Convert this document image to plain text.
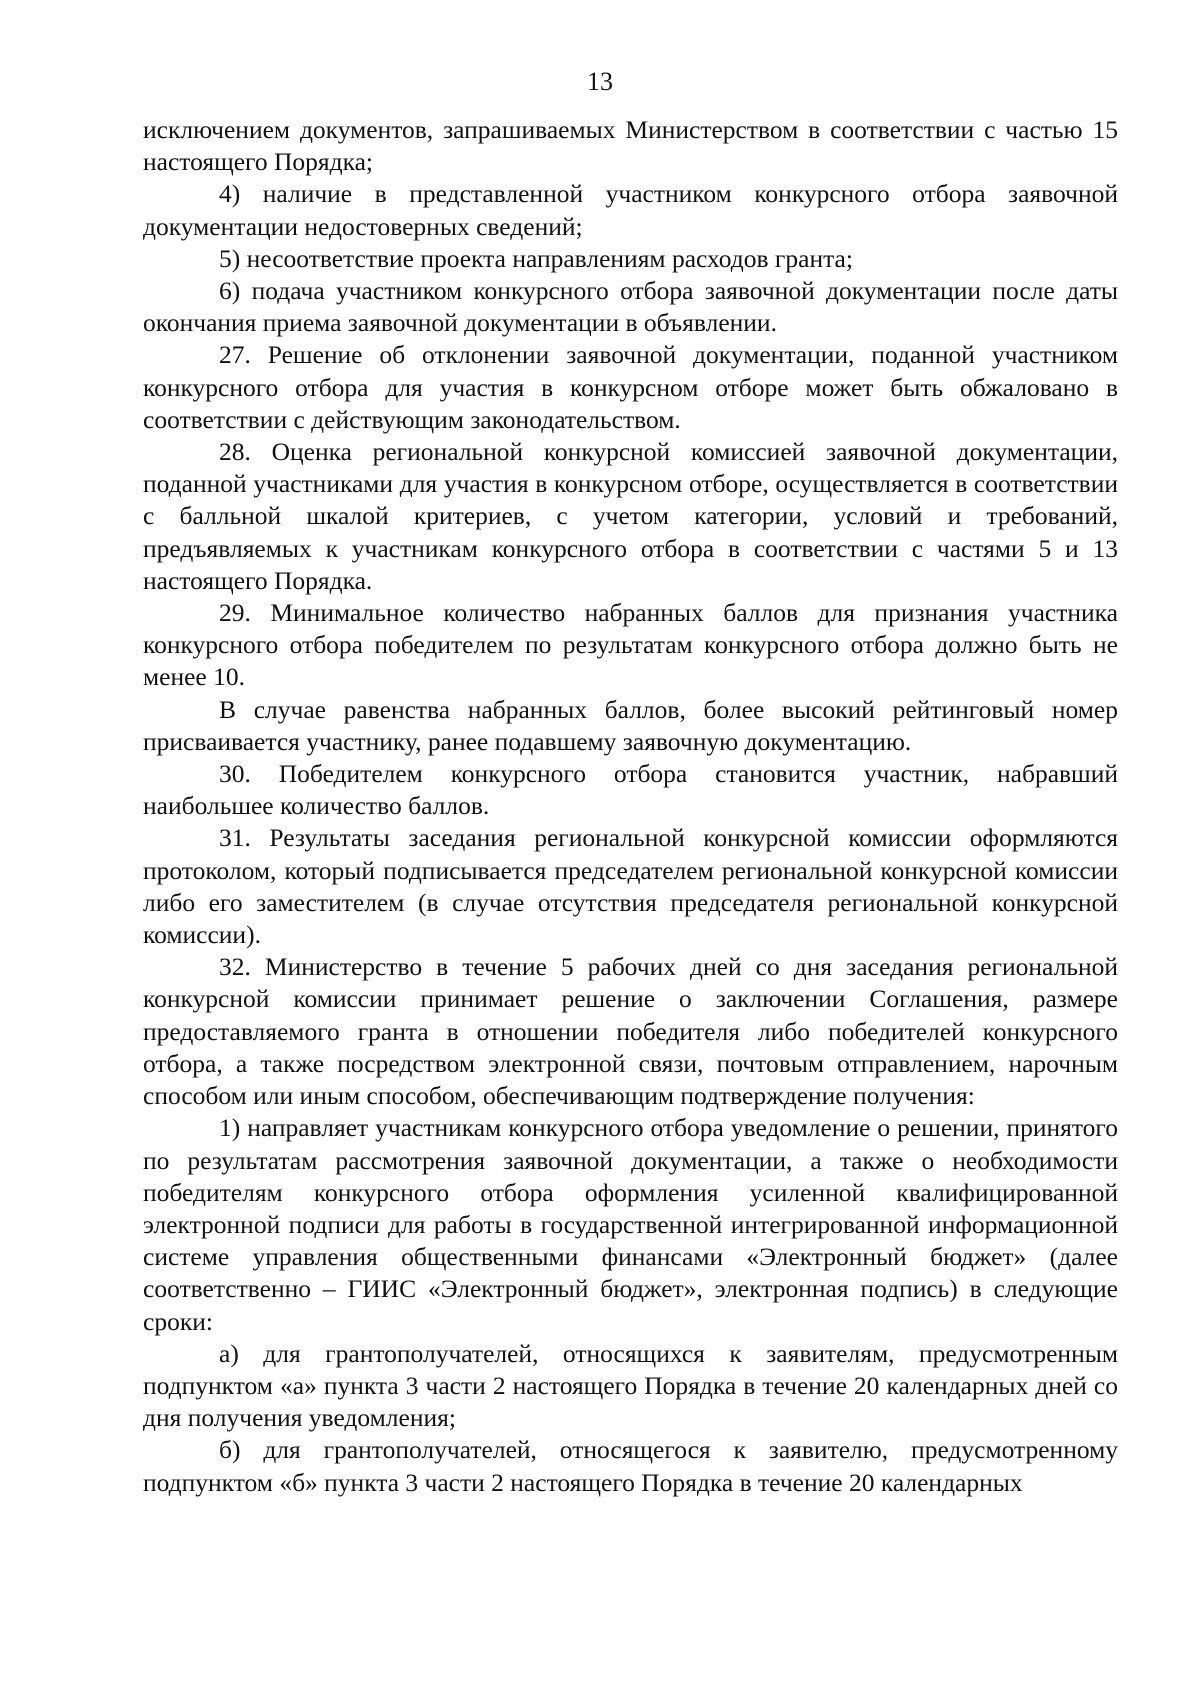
13

исключением документов, запрашиваемых Министерством в соответствии с частью 15 настоящего Порядка;

4) наличие в представленной участником конкурсного отбора заявочной документации недостоверных сведений;

5) несоответствие проекта направлениям расходов гранта;

6) подача участником конкурсного отбора заявочной документации после даты окончания приема заявочной документации в объявлении.

27. Решение об отклонении заявочной документации, поданной участником конкурсного отбора для участия в конкурсном отборе может быть обжаловано в соответствии с действующим законодательством.

28. Оценка региональной конкурсной комиссией заявочной документации, поданной участниками для участия в конкурсном отборе, осуществляется в соответствии с балльной шкалой критериев, с учетом категории, условий и требований, предъявляемых к участникам конкурсного отбора в соответствии с частями 5 и 13 настоящего Порядка.

29. Минимальное количество набранных баллов для признания участника конкурсного отбора победителем по результатам конкурсного отбора должно быть не менее 10.

В случае равенства набранных баллов, более высокий рейтинговый номер присваивается участнику, ранее подавшему заявочную документацию.

30. Победителем конкурсного отбора становится участник, набравший наибольшее количество баллов.

31. Результаты заседания региональной конкурсной комиссии оформляются протоколом, который подписывается председателем региональной конкурсной комиссии либо его заместителем (в случае отсутствия председателя региональной конкурсной комиссии).

32. Министерство в течение 5 рабочих дней со дня заседания региональной конкурсной комиссии принимает решение о заключении Соглашения, размере предоставляемого гранта в отношении победителя либо победителей конкурсного отбора, а также посредством электронной связи, почтовым отправлением, нарочным способом или иным способом, обеспечивающим подтверждение получения:

1) направляет участникам конкурсного отбора уведомление о решении, принятого по результатам рассмотрения заявочной документации, а также о необходимости победителям конкурсного отбора оформления усиленной квалифицированной электронной подписи для работы в государственной интегрированной информационной системе управления общественными финансами «Электронный бюджет» (далее соответственно – ГИИС «Электронный бюджет», электронная подпись) в следующие сроки:

а) для грантополучателей, относящихся к заявителям, предусмотренным подпунктом «а» пункта 3 части 2 настоящего Порядка в течение 20 календарных дней со дня получения уведомления;

б) для грантополучателей, относящегося к заявителю, предусмотренному подпунктом «б» пункта 3 части 2 настоящего Порядка в течение 20 календарных
